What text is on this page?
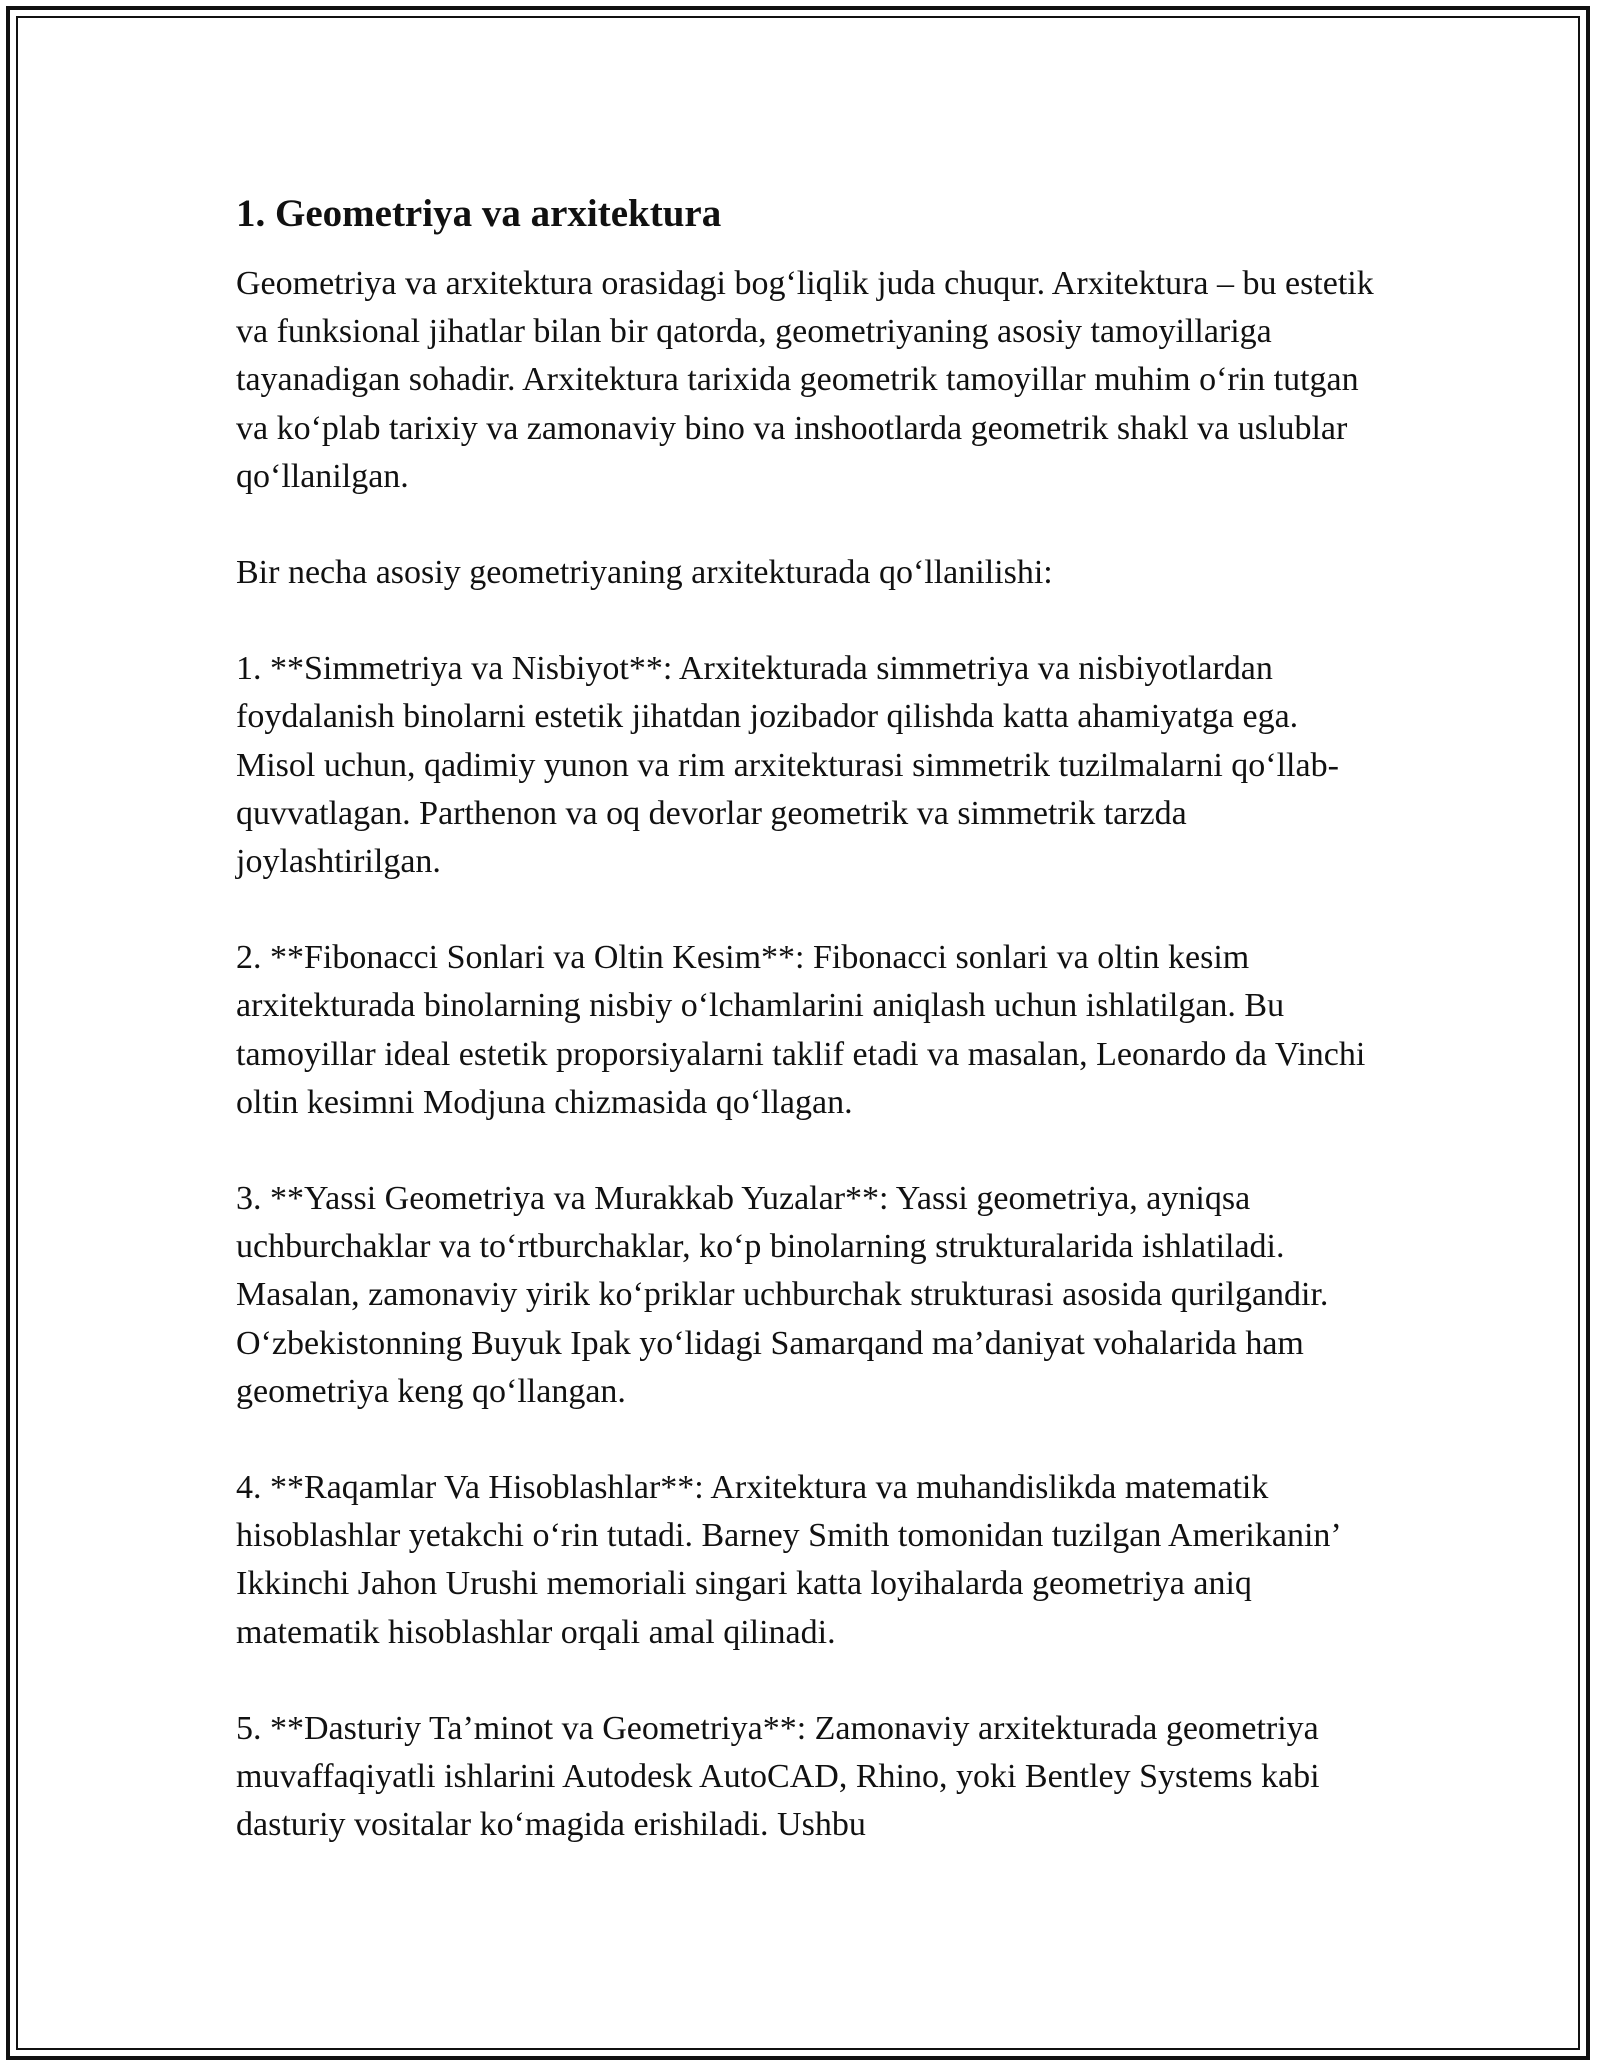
1. Geometriya va arxitektura

Geometriya va arxitektura orasidagi bog‘liqlik juda chuqur. Arxitektura – bu estetik va funksional jihatlar bilan bir qatorda, geometriyaning asosiy tamoyillariga tayanadigan sohadir. Arxitektura tarixida geometrik tamoyillar muhim o‘rin tutgan va ko‘plab tarixiy va zamonaviy bino va inshootlarda geometrik shakl va uslublar qo‘llanilgan.

Bir necha asosiy geometriyaning arxitekturada qo‘llanilishi:

1. **Simmetriya va Nisbiyot**: Arxitekturada simmetriya va nisbiyotlardan foydalanish binolarni estetik jihatdan jozibador qilishda katta ahamiyatga ega. Misol uchun, qadimiy yunon va rim arxitekturasi simmetrik tuzilmalarni qo‘llab-quvvatlagan. Parthenon va oq devorlar geometrik va simmetrik tarzda joylashtirilgan.

2. **Fibonacci Sonlari va Oltin Kesim**: Fibonacci sonlari va oltin kesim arxitekturada binolarning nisbiy o‘lchamlarini aniqlash uchun ishlatilgan. Bu tamoyillar ideal estetik proporsiyalarni taklif etadi va masalan, Leonardo da Vinchi oltin kesimni Modjuna chizmasida qo‘llagan.

3. **Yassi Geometriya va Murakkab Yuzalar**: Yassi geometriya, ayniqsa uchburchaklar va to‘rtburchaklar, ko‘p binolarning strukturalarida ishlatiladi. Masalan, zamonaviy yirik ko‘priklar uchburchak strukturasi asosida qurilgandir. O‘zbekistonning Buyuk Ipak yo‘lidagi Samarqand ma’daniyat vohalarida ham geometriya keng qo‘llangan.

4. **Raqamlar Va Hisoblashlar**: Arxitektura va muhandislikda matematik hisoblashlar yetakchi o‘rin tutadi. Barney Smith tomonidan tuzilgan Amerikanin’ Ikkinchi Jahon Urushi memoriali singari katta loyihalarda geometriya aniq matematik hisoblashlar orqali amal qilinadi.

5. **Dasturiy Ta’minot va Geometriya**: Zamonaviy arxitekturada geometriya muvaffaqiyatli ishlarini Autodesk AutoCAD, Rhino, yoki Bentley Systems kabi dasturiy vositalar ko‘magida erishiladi. Ushbu
